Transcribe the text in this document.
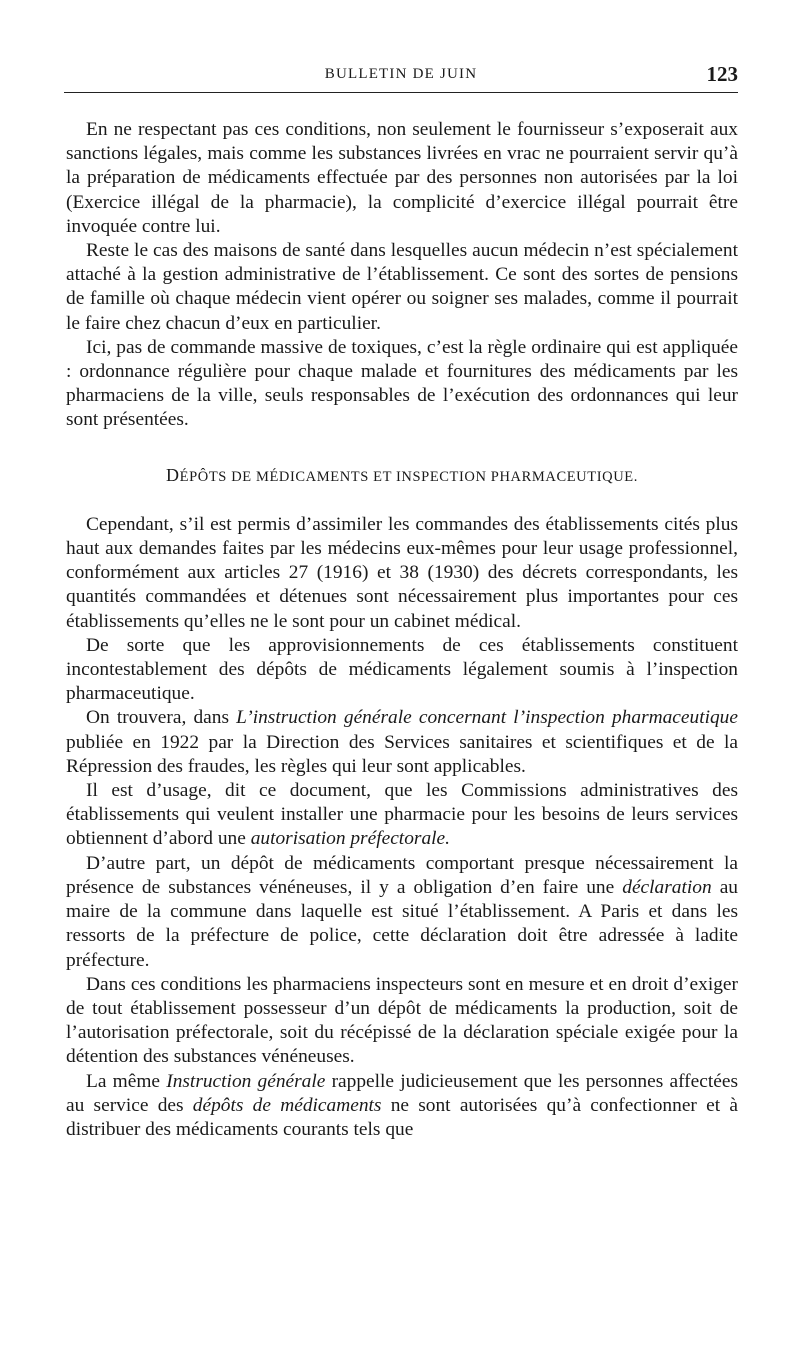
BULLETIN DE JUIN	123

En ne respectant pas ces conditions, non seulement le fournisseur s’exposerait aux sanctions légales, mais comme les substances livrées en vrac ne pourraient servir qu’à la préparation de médicaments effectuée par des personnes non autorisées par la loi (Exercice illégal de la pharmacie), la complicité d’exercice illégal pourrait être invoquée contre lui.

Reste le cas des maisons de santé dans lesquelles aucun médecin n’est spécialement attaché à la gestion administrative de l’établissement. Ce sont des sortes de pensions de famille où chaque médecin vient opérer ou soigner ses malades, comme il pourrait le faire chez chacun d’eux en particulier.

Ici, pas de commande massive de toxiques, c’est la règle ordinaire qui est appliquée : ordonnance régulière pour chaque malade et fournitures des médicaments par les pharmaciens de la ville, seuls responsables de l’exécution des ordonnances qui leur sont présentées.

DÉPÔTS DE MÉDICAMENTS ET INSPECTION PHARMACEUTIQUE.

Cependant, s’il est permis d’assimiler les commandes des établissements cités plus haut aux demandes faites par les médecins eux-mêmes pour leur usage professionnel, conformément aux articles 27 (1916) et 38 (1930) des décrets correspondants, les quantités commandées et détenues sont nécessairement plus importantes pour ces établissements qu’elles ne le sont pour un cabinet médical.

De sorte que les approvisionnements de ces établissements constituent incontestablement des dépôts de médicaments légalement soumis à l’inspection pharmaceutique.

On trouvera, dans L’instruction générale concernant l’inspection pharmaceutique publiée en 1922 par la Direction des Services sanitaires et scientifiques et de la Répression des fraudes, les règles qui leur sont applicables.

Il est d’usage, dit ce document, que les Commissions administratives des établissements qui veulent installer une pharmacie pour les besoins de leurs services obtiennent d’abord une autorisation préfectorale.

D’autre part, un dépôt de médicaments comportant presque nécessairement la présence de substances vénéneuses, il y a obligation d’en faire une déclaration au maire de la commune dans laquelle est situé l’établissement. A Paris et dans les ressorts de la préfecture de police, cette déclaration doit être adressée à ladite préfecture.

Dans ces conditions les pharmaciens inspecteurs sont en mesure et en droit d’exiger de tout établissement possesseur d’un dépôt de médicaments la production, soit de l’autorisation préfectorale, soit du récépissé de la déclaration spéciale exigée pour la détention des substances vénéneuses.

La même Instruction générale rappelle judicieusement que les personnes affectées au service des dépôts de médicaments ne sont autorisées qu’à confectionner et à distribuer des médicaments courants tels que
